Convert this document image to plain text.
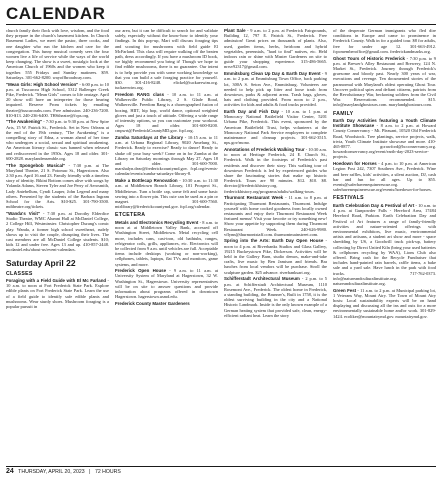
CALENDAR

church family their flock with love, wisdom, and the food they prepare in the church's basement kitchen. In Church Basement Ladies, we meet the pastor, three cooks, and one daughter who run the kitchen and care for the congregation. This funny musical comedy sees the four women live a life of service while the ways of the world keep changing. The show is a sweet, nostalgic look at the American Church of 1960s and the women who keep it together. 555 Fridays and Sunday matinees. $59. Saturdays. 301-662-8200. wayoffbroadway.com.

"Mean Girls: High School Version" - 6:00 p.m. to 10 p.m. at Tuscarora High School, 5312 Ballenger Creek Pike, Frederick. "Mean Girls" comes to life onstage. April 20 show will have an interpreter for those hearing impaired. Reserve Prom tickets by emailing theatre@tuscarorahs.com. Free admission. 240-236-7200. $10-$13. 240-236-6400. THStheatre@fcps.org.

"The Awakening" - 7:30 p.m. to 9:30 p.m. at New Spire Arts, 15 W. Patrick St., Frederick. Set in New Orleans at the end of the 19th century, "The Awakening" is a compelling story of Edna, a woman ahead of her time who undergoes a social, sexual and spiritual awakening. An American literary classic was banned when released and rediscovered in the 1950s. Ages 18 and older. 301-600-2828. marylandensemble.org.

"The Spongebob Musical" - 7:30 p.m. at The Maryland Theatre, 21 S. Potomac St., Hagerstown. Also 2:30 p.m. April 16 and 23. Family friendly with a timeless story of identity. Bikini Bottom comes alive with songs by Yolanda Adams, Steven Tyler and Joe Perry of Aerosmith, Lady Antebellum, Cyndi Lauper, John Legend and many others. Presented by the students of the Barbara Ingram School for the Arts. $10-$25. 301-790-3500. mdtheatre.org/tickets.

"Wanda's Visit" - 7:30 p.m. at Dorothy Elderdice Studio Theatre, WMC Alumni Hall at McDaniel College, 2 College Hill, Westminster. Christopher Durang's comic play. Wanda, a former high school sweetheart, rudely shows up to visit the couple, disrupting their lives. The cast members are all McDaniel College students. $10; kids 12 and under free. Ages 13 and up. 410-857-2448. mcdaniel.edu/about-us/event-calendars.

Saturday April 22
CLASSES

Foraging with a Field Guide with El Mc Farland - 10 a.m. to noon at Fort Frederick State Park. Explore edible plants on Fort Frederick State Park. Learn the use of a field guide to identify safe edible plants and mushrooms. Wear sturdy shoes. Mushroom foraging is a popular pursuit in

our area, but it can be difficult to search for and validate safely, especially without the know-how to identify your findings. In this pop-up, Mari will discuss foraging tips and scouting for mushrooms with field guide El McFarland. This class will require walking off the beaten path, dress accordingly. If you have a mushroom ID book, we highly recommend you bring it! Though we hope to find edible mushrooms, there is no guarantee. Our intent is to help provide you with some working knowledge so that you can build a safe foraging practice for yourself. $30. 301-416-8248. elickel@tuckaerwim.org. tuckaerwim.org.

Freedom RANG class - 10 a.m. to 11 a.m. at Walkersville Public Library, 2 S. Glade Road, Walkersville. Freedom Rang is a choreographed fusion of boxing, HIIT, hip hop, world dance, optional weighted gloves and just a touch of attitude. Offering a wide range of intensity options, so you can customize your workout. Ages 18 and older. 301-600-8200. cmpwrt@FrederickCountyMD.gov. fcpl.org.

Zumba Saturdays at the Library - 10:15 a.m. to 11 a.m. at Urbana Regional Library, 9020 Amelung St., Frederick. Ready to exercise? Ready to dance! Ready to shake off your busy week? Come on in for Zumba at the Library on Saturday mornings through May 27. Ages 18 and older. 301-600-7000. marshalyn.dear@frederickcountymd.gov. fcpl.org/events-calendar/events/zumba-saturdays-library-8.

Make a Bottlecap Renovation - 10:30 a.m. to 11:30 a.m. at Middletown Branch Library, 101 Prospect St., Middletown. Turn a bottle cap, some felt and some basic sewing into a flower pin. This cute can be used as a pin or magnet. 301-600-7560. mtrlibrary@frederickcountymd.gov. fcpl.org/calendar.

ETCETERA

Metals and Electronics Recycling Event - 8 a.m. to noon at at Middletown Valley Bank, accessed off Washington Street, Middletown. Metal recycling cell more, includes cans, cast-iron, old bathtubs, ranges, refrigerator coils, grills, appliances, etc. Electronics will be collected from 9 a.m. until vehicles are full. Acceptable items include desktops (working or non-working), cellphones, tablets, laptops, flat TVs and monitors, game systems, and more.

Frederick Open House - 9 a.m. to 11 a.m. at University System of Maryland at Hagerstown, 32 W. Washington St., Hagerstown. University representatives will be on site to answer questions and provide information about programs offered in downtown Hagerstown. hagerstown.usmd.edu.

Frederick County Master Gardeners

Plant Sale - 9 a.m. to 2 p.m. at Frederick Fairgrounds, Building 12, 797 E. Patrick St., Frederick. Free admission! Great prices on thousands of plants. Also, used, garden items, herbs, heirloom and hybrid vegetables, perennials, "hard to find" natives, etc. Held indoors rain or shine with Master Gardeners on site to guide your shopping experience. 315-486-5665. nrrsv92317@gmail.com.

Emmitsburg Clean Up Day & Earth Day Event - 9 a.m. to 2 p.m. at Emmitsburg Town Office, back parking lot, 300A S. Seton Ave., Emmitsburg. Volunteers are needed to help pick up litter and loose trash from downtown, parks & adjacent areas. Trash bags, gloves, hats and clothing provided. From noon to 2 p.m., activities for kids and adults & food trucks provided.

Earth Day and Fish Day - 10 a.m. to 1 p.m. at Monocacy National Battlefield Visitor Center, 5201 Urbana Pike, Frederick. This event, sponsored by the American Battlefield Trust, helps volunteers at the Monocacy National Park Service employees to complete maintenance and cleanup projects. 301-662-3515. nps.gov/mono.

Annotations of Frederick Walking Tour - 10:30 a.m. to noon at Heritage Frederick, 24 E. Church St., Frederick. Walk in the footsteps of Frederick's past residents and discover their story. This walking tour of downtown Frederick is led by experienced guides who share the fascinating stories that make up historic Frederick. Tours are 90 minutes. $12. $10. $8. director@frederickhistory.org. frederickhistory.org/programs/adults/walking-tours.

Thurmont Restaurant Week - 11 a.m. to 8 p.m. at Participating Thurmont Restaurants, Thurmont. Indulge yourself with home cooked goodness from locally owned restaurants and enjoy their Thurmont Restaurant Week featured menus! Visit your favorite or try something new! Show your appetite by supporting them during Thurmont Restaurant Week. 240-626-9980. vflynn@thurmontstaff.com. thurmontmainstreet.com.

Spring into the Arts: Earth Day Open House - noon to 4 p.m. at Riverbanks Studios and Glass Gallery, 19215 Buckeystown Pike, Dickerson. Activities will be held in the Gallery Barn, studio demos, make-and-take crafts, live music by Ben Jamison and friends. Bra lunches from local vendors will be purchase. Stroll the sculpture garden. $25 advance. riverbanksart.org.

Schifferstadt Architectural Museum - 2 p.m. to 5 p.m. at Schifferstadt Architectural Museum, 1110 Rosemont Ave., Frederick. The oldest home in Frederick, a standing building, the Brunner's, Built in 1758, it is the oldest surviving building in the city and a National Historic Landmark. Inside is the only known example of a German heating system that provided safe, clean, energy-efficient radiant heat. Learn the story

of the desperate German immigrants who fled dire conditions in Europe and came to prominence in Frederick County. Walk in for a guided tour. $8 for adults, free for under age 12. 301-663-4912. fcpcmemberoffice@gmail.com. frederickandmarks.org.

Ghost Tours of Historic Frederick - 7:30 p.m. to 9 p.m. at Brewer's Alley Restaurant and Brewery, 124 N. Market St., Frederick. Journey through Frederick's gruesome and bloody past. Nearly 300 years of war, executions and revenge. Ten documented stories of the paranormal with Maryland's oldest operating Ghost Tour. Uncover political spies and defiant citizens, patriots from the Revolutionary War, beckoning soldiers from the Civil War. Reservations recommended. $15. info@marylandghostours.com. marylandghostours.com.

FAMILY

Earth Day Activities featuring a Youth Climate Institute Showcase - 8 a.m. to 2 p.m. at Howard County Conservancy - Mt. Pleasant, 10520 Old Frederick Road, Woodstock. Tree plantings, service projects, walk, trivia, Youth Climate Institute showcase and more. 410-465-8877. gcrawford@hcconservancy.org. howardconservancy.org/event/earth-day-2023-service-projects.

Hoedown for Horses - 4 p.m. to 10 p.m. at American Legion Post 242, 7307 Southern Ave., Frederick. Wine and beer raffles, kids' activities, a silent auction, DJ, cash bar and fun for all ages. Up to $55. events@saferhavenequinerescue.org. saferhavenequinerescue.org/events/hoedown-for-horses.

FESTIVALS

Earth Celebration Day & Festival of Art - 10 a.m. to 4 p.m. at Gunpowder Falls - Hereford Area, 17484 Hereford Road, Parkton. Earth Celebration Day and Festival of Art features a range of family-friendly activities and nature-oriented offerings with environmental exhibitors, live music, environmental artists and artisans, a student art show and more - space shredding by US, a Goodwill truck pick-up, battery collecting by Direct United Kiln (bring your used batteries & cellphones recycling by WAA), Lions Club also offered. Bring cash for the Recycle Fundraiser that includes hand-painted rain barrels, raffle items, a bake sale and a yard sale. Have lunch in the park with food trucks. 717-762-0373. info@natureandculturalinstitute.org. natureandculturalinstitute.org.

Green Fest - 11 a.m. to 2 p.m. at Municipal parking lot, 1 Veterans Way, Mount Airy. The Town of Mount Airy hosts: Local sustainability experts will be on hand displaying and discussing all the ins and outs for a more environmentally sustainable home and/or work. 301-829-1424. ecoliker@mountairymd.gov. mountairymd.gov.

24 THURSDAY, APRIL 20, 2023 | 72 HOURS
